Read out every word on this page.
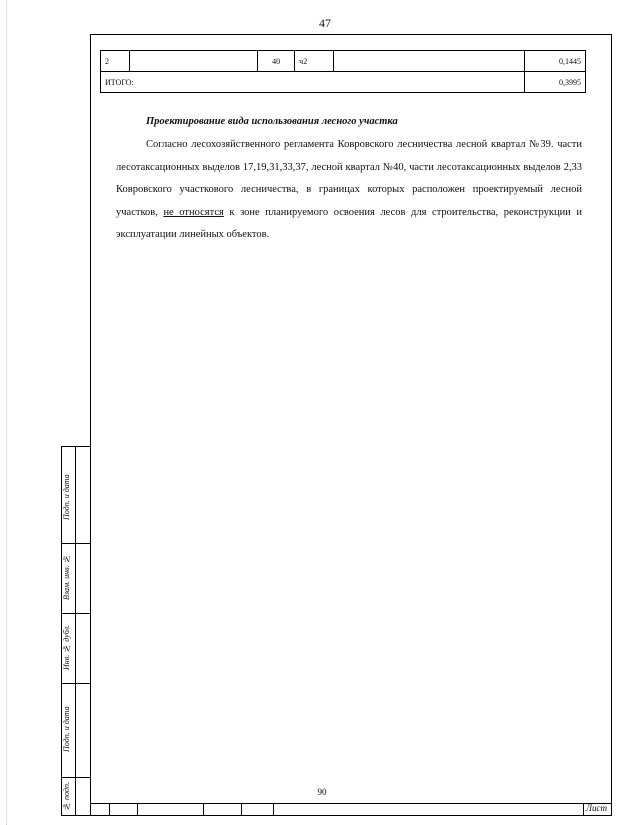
47
2		40	ч2		0,1445
ИТОГ⁣О:					0,3995
Проектирование вида использования лесного участка
Согласно лесохозяйственного регламента Ковровского лесничества лесной квартал №39. части лесотаксационных выделов 17,19,31,33,37, лесной квартал №40, части лесотаксационных выделов 2,33 Ковровского участкового лесничества, в границах которых расположен проектируемый лесной участков, не относятся к зоне планируемого освоения лесов для строительства, реконструкции и эксплуатации линейных объектов.
Подп. и дата
Взам. инв. №
Инв. № дубл.
Подп. и дата
№ подп.	90
Лист
